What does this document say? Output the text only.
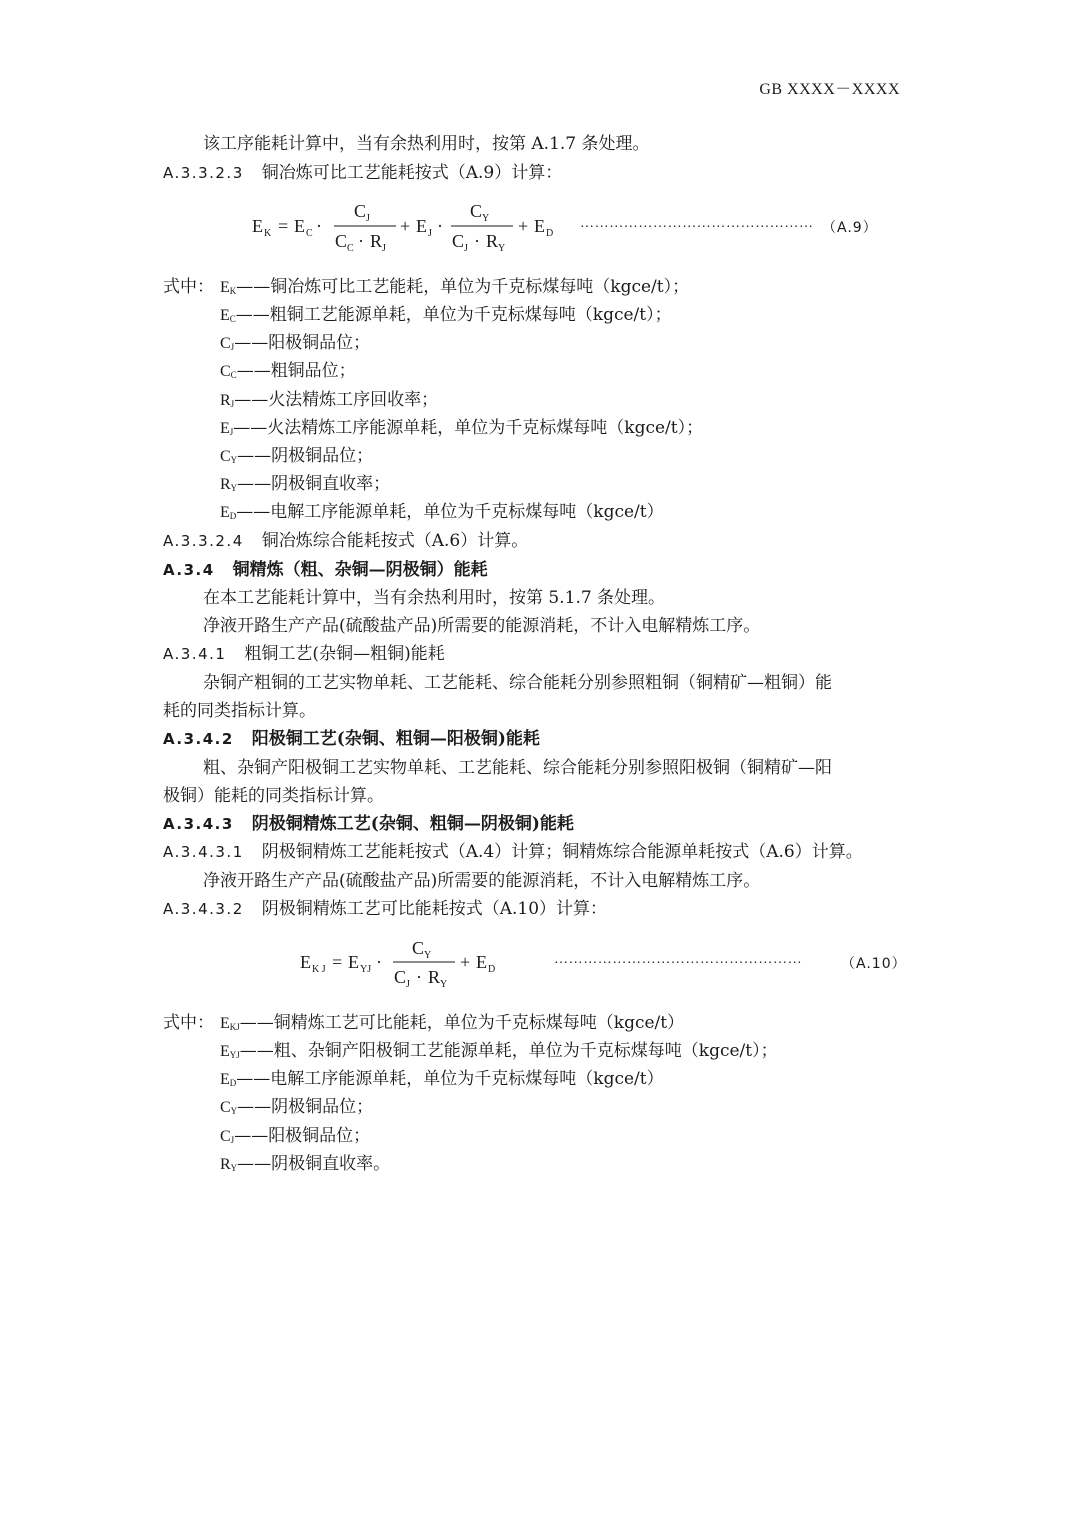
GB XXXX－XXXX
该工序能耗计算中，当有余热利用时，按第 A.1.7 条处理。
A.3.3.2.3 铜冶炼可比工艺能耗按式（A.9）计算：
E K = E C ·
C J
C C · R J
+ E J ·
C Y
C J · R Y
+ E D
………………………………………… （A.9）
式中： $E_K——$铜冶炼可比工艺能耗，单位为千克标煤每吨（kgce/t）；
$E_C——$粗铜工艺能源单耗，单位为千克标煤每吨（kgce/t）；
$C_J——$阳极铜品位；
$C_C——$粗铜品位；
$R_J——$火法精炼工序回收率；
$E_J——$火法精炼工序能源单耗，单位为千克标煤每吨（kgce/t）；
$C_Y——$阴极铜品位；
$R_Y——$阴极铜直收率；
$E_D——$电解工序能源单耗，单位为千克标煤每吨（kgce/t）
A.3.3.2.4 铜冶炼综合能耗按式（A.6）计算。
A.3.4 铜精炼（粗、杂铜—阴极铜）能耗
在本工艺能耗计算中，当有余热利用时，按第 5.1.7 条处理。
净液开路生产产品(硫酸盐产品)所需要的能源消耗，不计入电解精炼工序。
A.3.4.1 粗铜工艺(杂铜—粗铜)能耗
杂铜产粗铜的工艺实物单耗、工艺能耗、综合能耗分别参照粗铜（铜精矿—粗铜）能
耗的同类指标计算。
A.3.4.2 阳极铜工艺(杂铜、粗铜—阳极铜)能耗
粗、杂铜产阳极铜工艺实物单耗、工艺能耗、综合能耗分别参照阳极铜（铜精矿—阳
极铜）能耗的同类指标计算。
A.3.4.3 阴极铜精炼工艺(杂铜、粗铜—阴极铜)能耗
A.3.4.3.1 阴极铜精炼工艺能耗按式（A.4）计算；铜精炼综合能源单耗按式（A.6）计算。
净液开路生产产品(硫酸盐产品)所需要的能源消耗，不计入电解精炼工序。
A.3.4.3.2 阴极铜精炼工艺可比能耗按式（A.10）计算：
E K J = E YJ ·
C Y
C J · R Y
+ E D
……………………………………………	（A.10）
式中： $E_{KJ}——$铜精炼工艺可比能耗，单位为千克标煤每吨（kgce/t）
$E_{YJ}——$粗、杂铜产阳极铜工艺能源单耗，单位为千克标煤每吨（kgce/t）；
$E_D——$电解工序能源单耗，单位为千克标煤每吨（kgce/t）
$C_Y——$阴极铜品位；
$C_J——$阳极铜品位；
$R_Y——$阴极铜直收率。
